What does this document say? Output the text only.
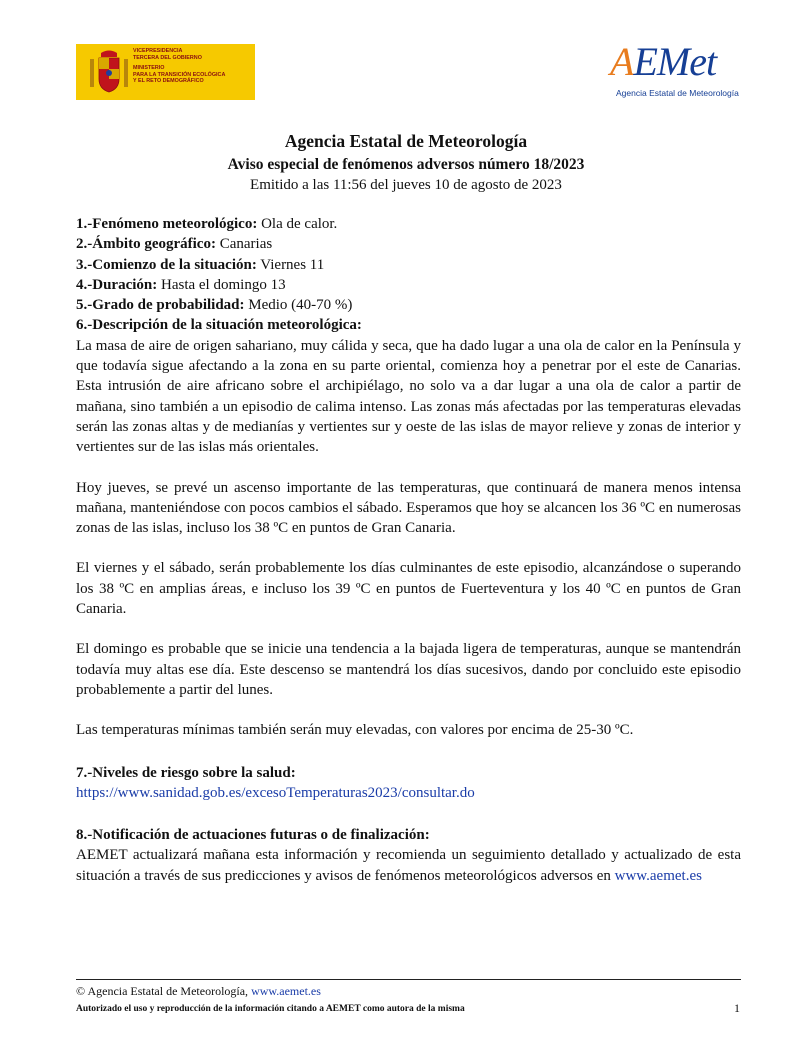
VICEPRESIDENCIA
TERCERA DEL GOBIERNO
MINISTERIO
PARA LA TRANSICIÓN ECOLÓGICA
Y EL RETO DEMOGRÁFICO	AEMet
Agencia Estatal de Meteorología
Agencia Estatal de Meteorología
Aviso especial de fenómenos adversos número 18/2023
Emitido a las 11:56 del jueves 10 de agosto de 2023
1.-Fenómeno meteorológico: Ola de calor.
2.-Ámbito geográfico: Canarias
3.-Comienzo de la situación: Viernes 11
4.-Duración: Hasta el domingo 13
5.-Grado de probabilidad: Medio (40-70 %)
6.-Descripción de la situación meteorológica:

La masa de aire de origen sahariano, muy cálida y seca, que ha dado lugar a una ola de calor en la Península y que todavía sigue afectando a la zona en su parte oriental, comienza hoy a penetrar por el este de Canarias. Esta intrusión de aire africano sobre el archipiélago, no solo va a dar lugar a una ola de calor a partir de mañana, sino también a un episodio de calima intenso. Las zonas más afectadas por las temperaturas elevadas serán las zonas altas y de medianías y vertientes sur y oeste de las islas de mayor relieve y zonas de interior y vertientes sur de las islas más orientales.

Hoy jueves, se prevé un ascenso importante de las temperaturas, que continuará de manera menos intensa mañana, manteniéndose con pocos cambios el sábado. Esperamos que hoy se alcancen los 36 ºC en numerosas zonas de las islas, incluso los 38 ºC en puntos de Gran Canaria.

El viernes y el sábado, serán probablemente los días culminantes de este episodio, alcanzándose o superando los 38 ºC en amplias áreas, e incluso los 39 ºC en puntos de Fuerteventura y los 40 ºC en puntos de Gran Canaria.

El domingo es probable que se inicie una tendencia a la bajada ligera de temperaturas, aunque se mantendrán todavía muy altas ese día. Este descenso se mantendrá los días sucesivos, dando por concluido este episodio probablemente a partir del lunes.

Las temperaturas mínimas también serán muy elevadas, con valores por encima de 25-30 ºC.

7.-Niveles de riesgo sobre la salud:
https://www.sanidad.gob.es/excesoTemperaturas2023/consultar.do
8.-Notificación de actuaciones futuras o de finalización:

AEMET actualizará mañana esta información y recomienda un seguimiento detallado y actualizado de esta situación a través de sus predicciones y avisos de fenómenos meteorológicos adversos en www.aemet.es

© Agencia Estatal de Meteorología, www.aemet.es
Autorizado el uso y reproducción de la información citando a AEMET como autora de la misma	1
